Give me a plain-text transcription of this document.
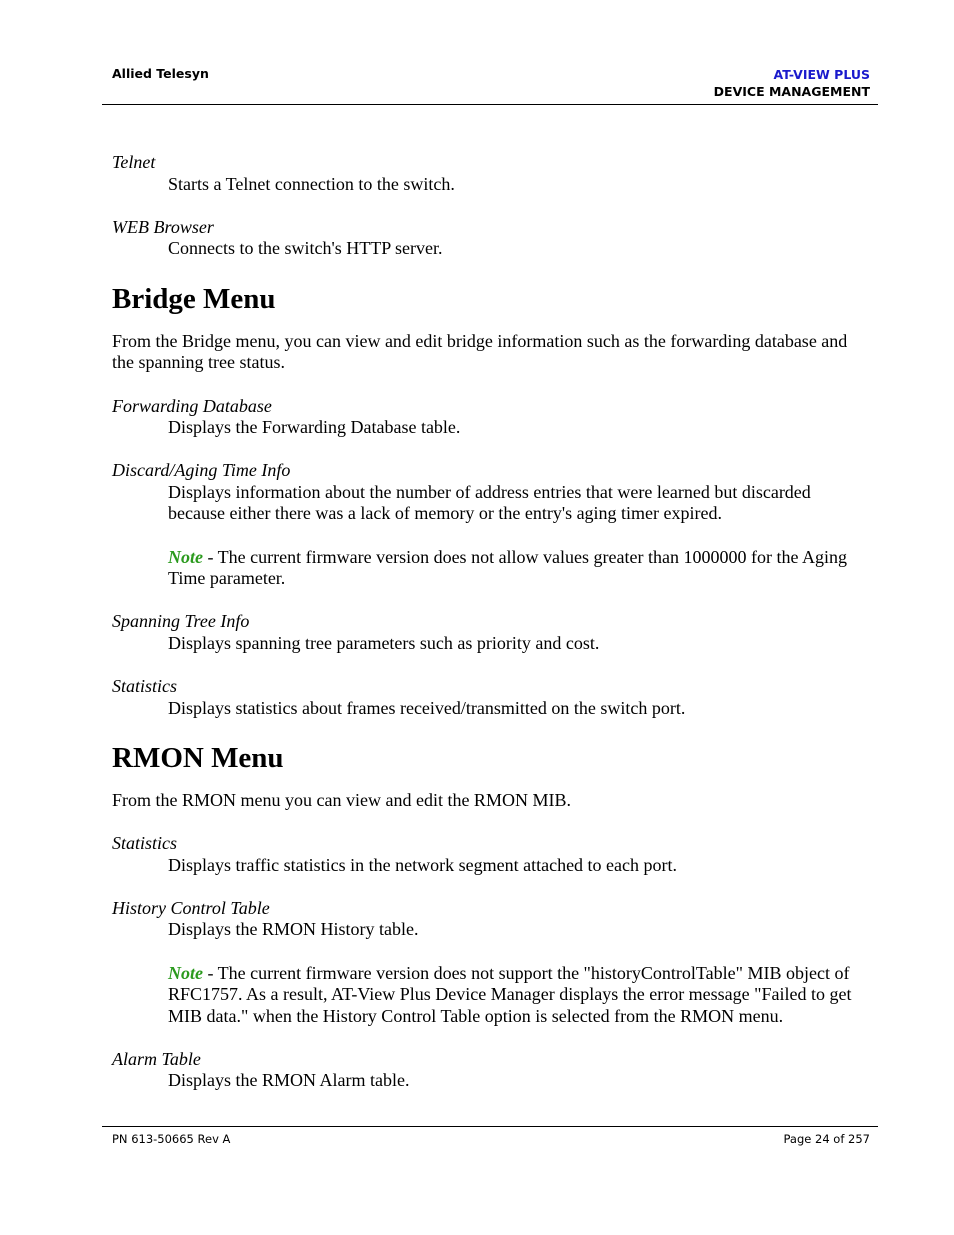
Allied Telesyn	AT-VIEW PLUS
DEVICE MANAGEMENT

Telnet

Starts a Telnet connection to the switch.

WEB Browser

Connects to the switch's HTTP server.

Bridge Menu

From the Bridge menu, you can view and edit bridge information such as the forwarding database and the spanning tree status.

Forwarding Database

Displays the Forwarding Database table.

Discard/Aging Time Info

Displays information about the number of address entries that were learned but discarded because either there was a lack of memory or the entry's aging timer expired.

Note - The current firmware version does not allow values greater than 1000000 for the Aging Time parameter.

Spanning Tree Info

Displays spanning tree parameters such as priority and cost.

Statistics

Displays statistics about frames received/transmitted on the switch port.

RMON Menu

From the RMON menu you can view and edit the RMON MIB.

Statistics

Displays traffic statistics in the network segment attached to each port.

History Control Table

Displays the RMON History table.

Note - The current firmware version does not support the "historyControlTable" MIB object of RFC1757. As a result, AT-View Plus Device Manager displays the error message "Failed to get MIB data." when the History Control Table option is selected from the RMON menu.

Alarm Table

Displays the RMON Alarm table.

PN 613-50665 Rev A	Page 24 of 257
